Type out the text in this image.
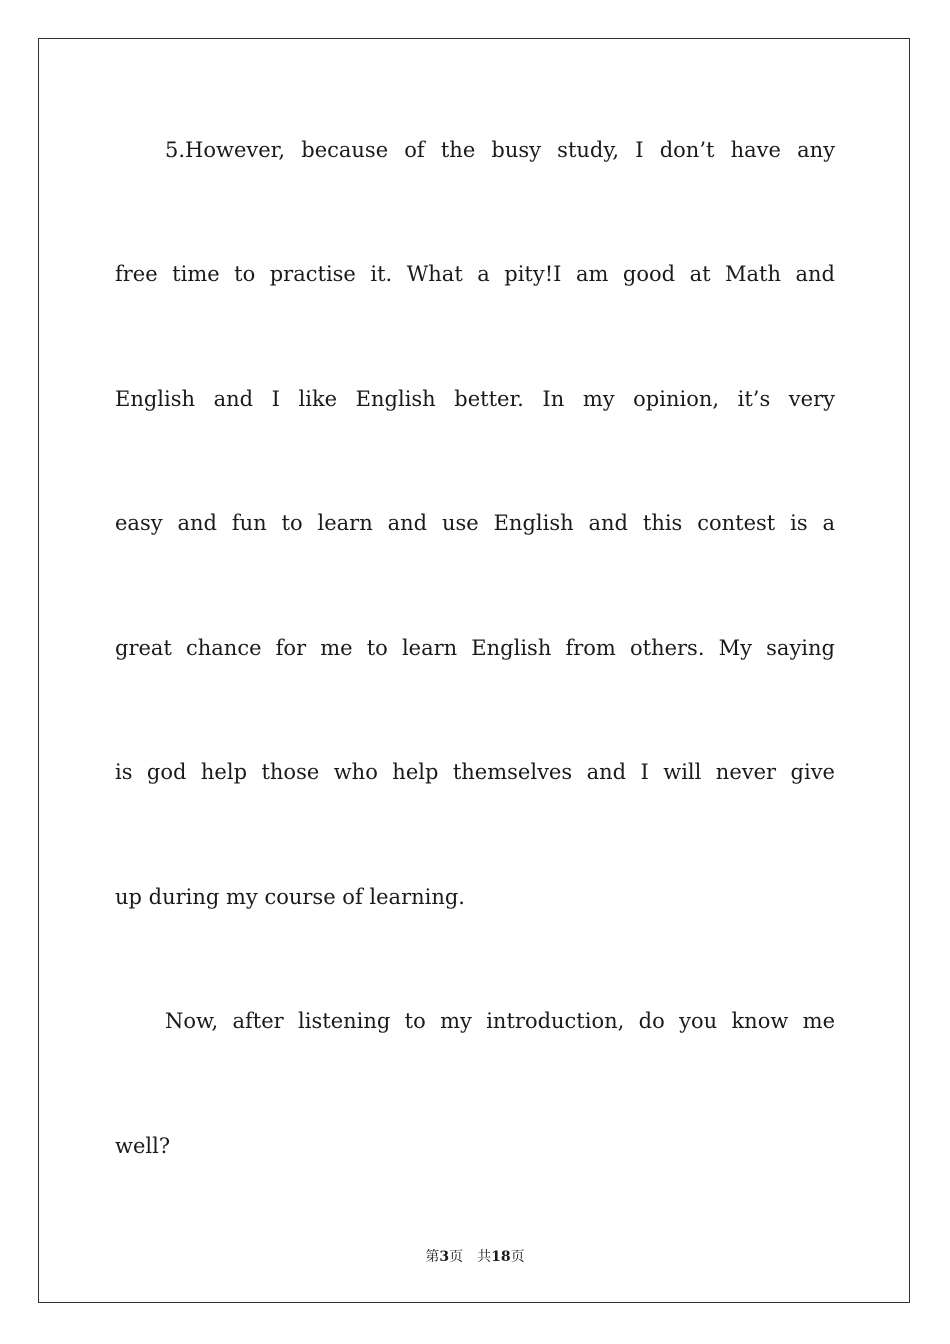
5.However, because of the busy study, I don’t have any
free time to practise it. What a pity!I am good at Math and
English and I like English better. In my opinion, it’s very
easy and fun to learn and use English and this contest is a
great chance for me to learn English from others. My saying
is god help those who help themselves and I will never give
up during my course of learning.
Now, after listening to my introduction, do you know me
well?
第3页 共18页
